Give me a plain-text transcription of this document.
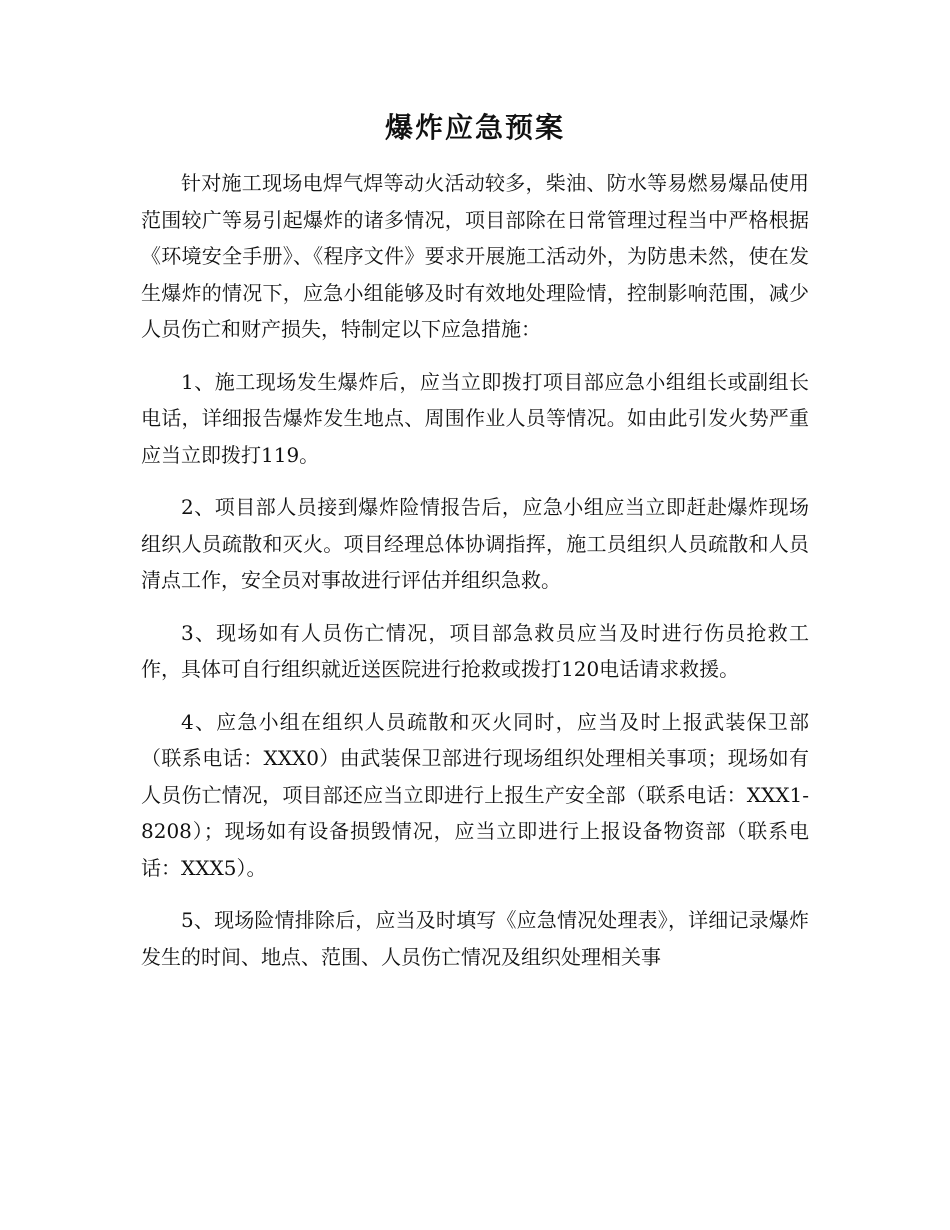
爆炸应急预案

针对施工现场电焊气焊等动火活动较多，柴油、防水等易燃易爆品使用范围较广等易引起爆炸的诸多情况，项目部除在日常管理过程当中严格根据《环境安全手册》、《程序文件》要求开展施工活动外，为防患未然，使在发生爆炸的情况下，应急小组能够及时有效地处理险情，控制影响范围，减少人员伤亡和财产损失，特制定以下应急措施：

1、施工现场发生爆炸后，应当立即拨打项目部应急小组组长或副组长电话，详细报告爆炸发生地点、周围作业人员等情况。如由此引发火势严重应当立即拨打119。

2、项目部人员接到爆炸险情报告后，应急小组应当立即赶赴爆炸现场组织人员疏散和灭火。项目经理总体协调指挥，施工员组织人员疏散和人员清点工作，安全员对事故进行评估并组织急救。

3、现场如有人员伤亡情况，项目部急救员应当及时进行伤员抢救工作，具体可自行组织就近送医院进行抢救或拨打120电话请求救援。

4、应急小组在组织人员疏散和灭火同时，应当及时上报武装保卫部（联系电话：XXX0）由武装保卫部进行现场组织处理相关事项；现场如有人员伤亡情况，项目部还应当立即进行上报生产安全部（联系电话：XXX1-8208）；现场如有设备损毁情况，应当立即进行上报设备物资部（联系电话：XXX5）。

5、现场险情排除后，应当及时填写《应急情况处理表》，详细记录爆炸发生的时间、地点、范围、人员伤亡情况及组织处理相关事
